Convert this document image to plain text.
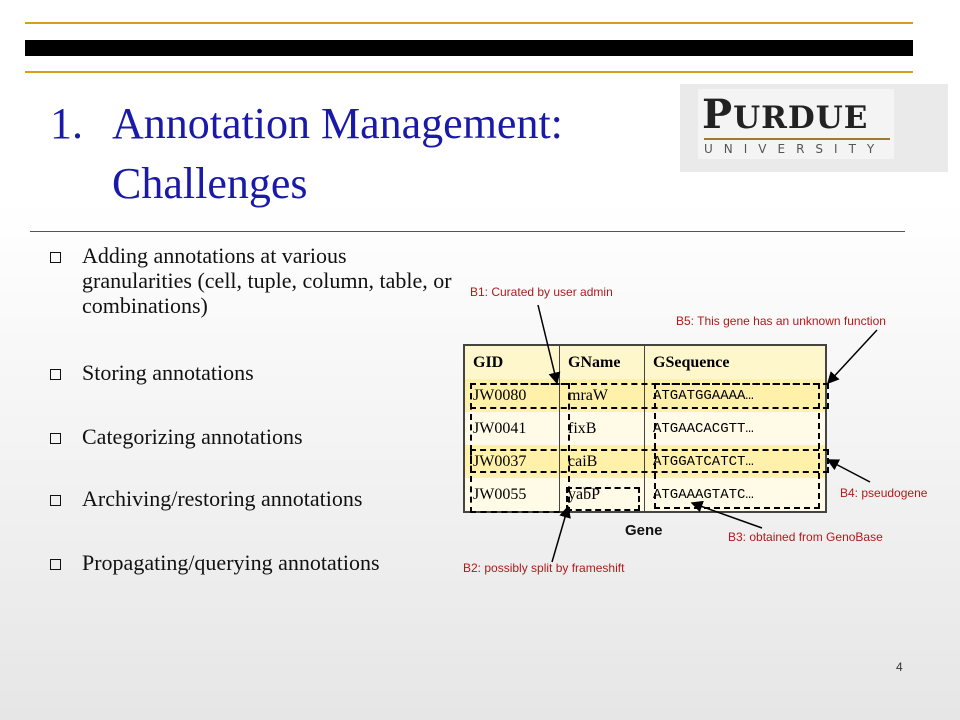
1. Annotation Management:
Challenges
PURDUE
UNIVERSITY
Adding annotations at various granularities (cell, tuple, column, table, or combinations)
Storing annotations
Categorizing annotations
Archiving/restoring annotations
Propagating/querying annotations
GID	GName	GSequence
JW0080	mraW	ATGATGGAAAA…
JW0041	fixB	ATGAACACGTT…
JW0037	caiB	ATGGATCATCT…
JW0055	yabP	ATGAAAGTATC…
Gene
B1: Curated by user admin
B5: This gene has an unknown function
B4: pseudogene
B3: obtained from GenoBase
B2: possibly split by frameshift
4
